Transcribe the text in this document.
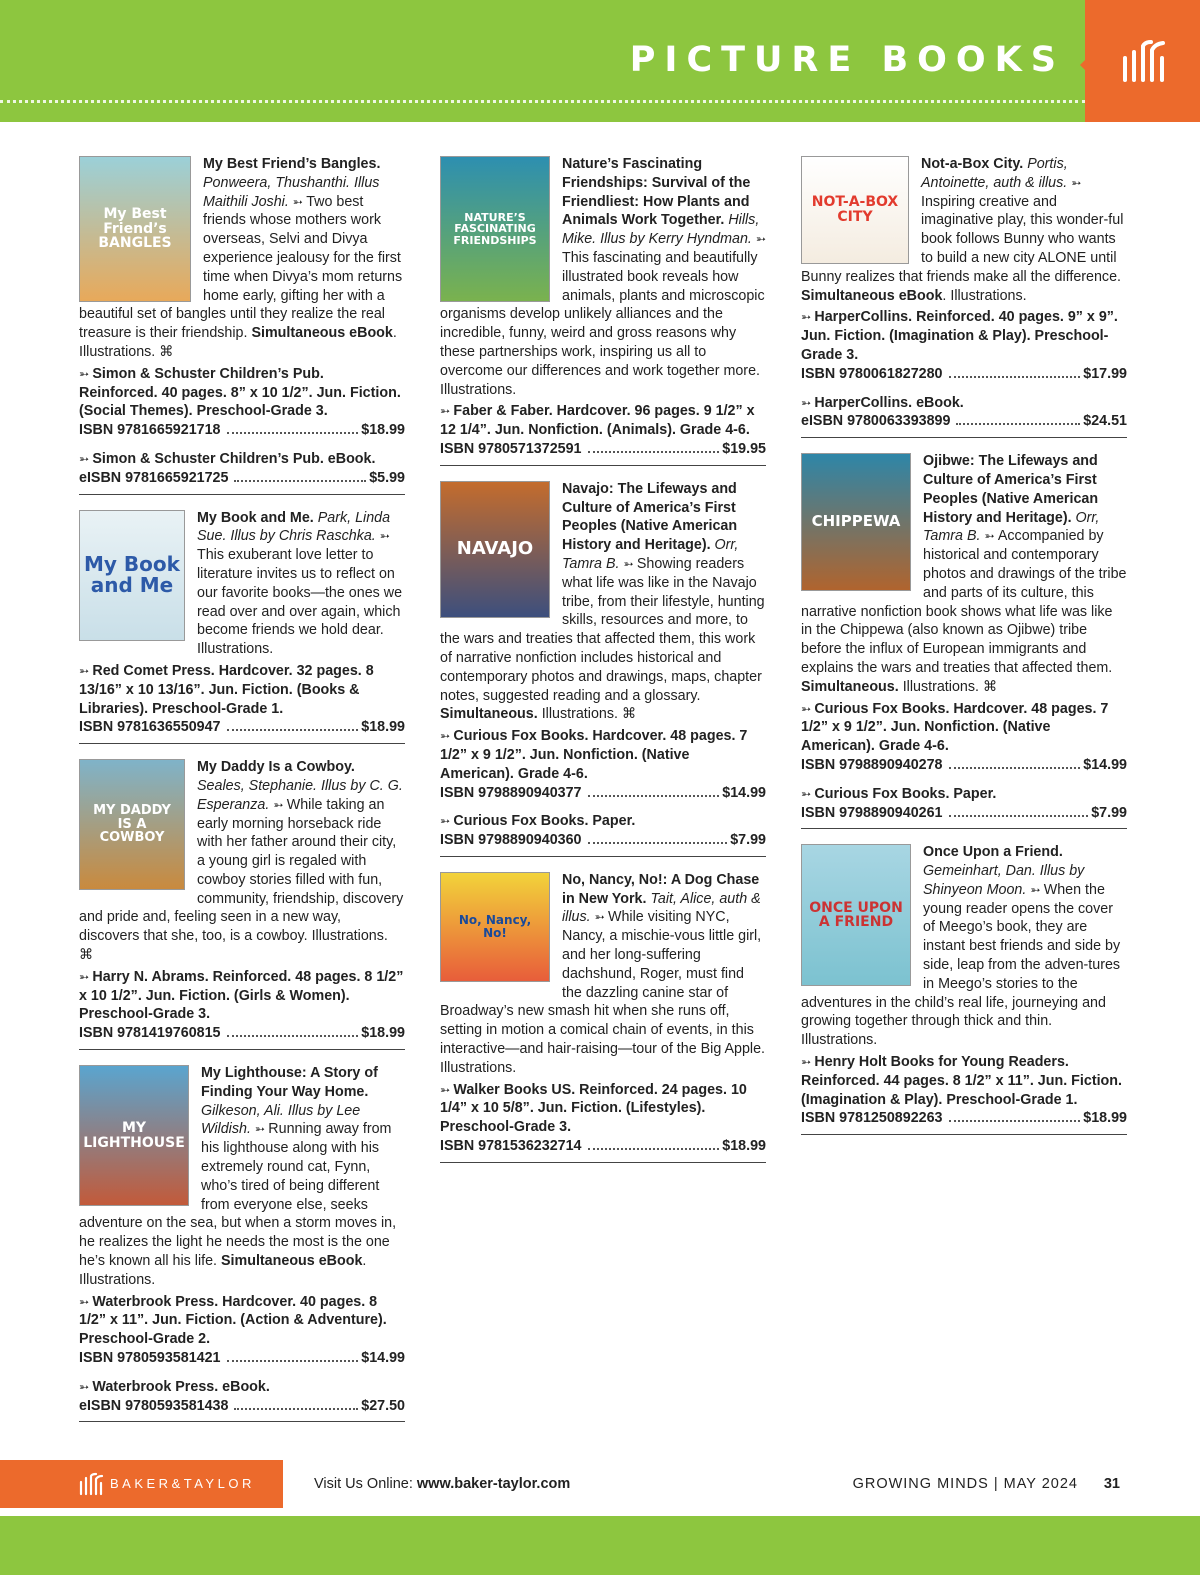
PICTURE BOOKS
My Best Friend’s BANGLES

My Best Friend’s Bangles. Ponweera, Thushanthi. Illus Maithili Joshi. ➳ Two best friends whose mothers work overseas, Selvi and Divya experience jealousy for the first time when Divya’s mom returns home early, gifting her with a beautiful set of bangles until they realize the real treasure is their friendship. Simultaneous eBook. Illustrations. ⌘

➳ Simon & Schuster Children’s Pub. Reinforced. 40 pages. 8” x 10 1/2”. Jun. Fiction. (Social Themes). Preschool-Grade 3.

ISBN 9781665921718	$18.99

➳ Simon & Schuster Children’s Pub. eBook.

eISBN 9781665921725	$5.99
My Book and Me

My Book and Me. Park, Linda Sue. Illus by Chris Raschka. ➳ This exuberant love letter to literature invites us to reflect on our favorite books—the ones we read over and over again, which become friends we hold dear. Illustrations.

➳ Red Comet Press. Hardcover. 32 pages. 8 13/16” x 10 13/16”. Jun. Fiction. (Books & Libraries). Preschool-Grade 1.

ISBN 9781636550947	$18.99
MY DADDY IS A COWBOY

My Daddy Is a Cowboy. Seales, Stephanie. Illus by C. G. Esperanza. ➳ While taking an early morning horseback ride with her father around their city, a young girl is regaled with cowboy stories filled with fun, community, friendship, discovery and pride and, feeling seen in a new way, discovers that she, too, is a cowboy. Illustrations. ⌘

➳ Harry N. Abrams. Reinforced. 48 pages. 8 1/2” x 10 1/2”. Jun. Fiction. (Girls & Women). Preschool-Grade 3.

ISBN 9781419760815	$18.99
MY LIGHTHOUSE

My Lighthouse: A Story of Finding Your Way Home. Gilkeson, Ali. Illus by Lee Wildish. ➳ Running away from his lighthouse along with his extremely round cat, Fynn, who’s tired of being different from everyone else, seeks adventure on the sea, but when a storm moves in, he realizes the light he needs the most is the one he’s known all his life. Simultaneous eBook. Illustrations.

➳ Waterbrook Press. Hardcover. 40 pages. 8 1/2” x 11”. Jun. Fiction. (Action & Adventure). Preschool-Grade 2.

ISBN 9780593581421	$14.99

➳ Waterbrook Press. eBook.

eISBN 9780593581438	$27.50
NATURE’S FASCINATING FRIENDSHIPS

Nature’s Fascinating Friendships: Survival of the Friendliest: How Plants and Animals Work Together. Hills, Mike. Illus by Kerry Hyndman. ➳ This fascinating and beautifully illustrated book reveals how animals, plants and microscopic organisms develop unlikely alliances and the incredible, funny, weird and gross reasons why these partnerships work, inspiring us all to overcome our differences and work together more. Illustrations.

➳ Faber & Faber. Hardcover. 96 pages. 9 1/2” x 12 1/4”. Jun. Nonfiction. (Animals). Grade 4-6.

ISBN 9780571372591	$19.95
NAVAJO

Navajo: The Lifeways and Culture of America’s First Peoples (Native American History and Heritage). Orr, Tamra B. ➳ Showing readers what life was like in the Navajo tribe, from their lifestyle, hunting skills, resources and more, to the wars and treaties that affected them, this work of narrative nonfiction includes historical and contemporary photos and drawings, maps, chapter notes, suggested reading and a glossary. Simultaneous. Illustrations. ⌘

➳ Curious Fox Books. Hardcover. 48 pages. 7 1/2” x 9 1/2”. Jun. Nonfiction. (Native American). Grade 4-6.

ISBN 9798890940377	$14.99

➳ Curious Fox Books. Paper.

ISBN 9798890940360	$7.99
No, Nancy, No!

No, Nancy, No!: A Dog Chase in New York. Tait, Alice, auth & illus. ➳ While visiting NYC, Nancy, a mischie-vous little girl, and her long-suffering dachshund, Roger, must find the dazzling canine star of Broadway’s new smash hit when she runs off, setting in motion a comical chain of events, in this interactive—and hair-raising—tour of the Big Apple. Illustrations.

➳ Walker Books US. Reinforced. 24 pages. 10 1/4” x 10 5/8”. Jun. Fiction. (Lifestyles). Preschool-Grade 3.

ISBN 9781536232714	$18.99
NOT-A-BOX CITY

Not-a-Box City. Portis, Antoinette, auth & illus. ➳ Inspiring creative and imaginative play, this wonder-ful book follows Bunny who wants to build a new city ALONE until Bunny realizes that friends make all the difference. Simultaneous eBook. Illustrations.

➳ HarperCollins. Reinforced. 40 pages. 9” x 9”. Jun. Fiction. (Imagination & Play). Preschool-Grade 3.

ISBN 9780061827280	$17.99

➳ HarperCollins. eBook.

eISBN 9780063393899	$24.51
CHIPPEWA

Ojibwe: The Lifeways and Culture of America’s First Peoples (Native American History and Heritage). Orr, Tamra B. ➳ Accompanied by historical and contemporary photos and drawings of the tribe and parts of its culture, this narrative nonfiction book shows what life was like in the Chippewa (also known as Ojibwe) tribe before the influx of European immigrants and explains the wars and treaties that affected them. Simultaneous. Illustrations. ⌘

➳ Curious Fox Books. Hardcover. 48 pages. 7 1/2” x 9 1/2”. Jun. Nonfiction. (Native American). Grade 4-6.

ISBN 9798890940278	$14.99

➳ Curious Fox Books. Paper.

ISBN 9798890940261	$7.99
ONCE UPON A FRIEND

Once Upon a Friend. Gemeinhart, Dan. Illus by Shinyeon Moon. ➳ When the young reader opens the cover of Meego’s book, they are instant best friends and side by side, leap from the adven-tures in Meego’s stories to the adventures in the child’s real life, journeying and growing together through thick and thin. Illustrations.

➳ Henry Holt Books for Young Readers. Reinforced. 44 pages. 8 1/2” x 11”. Jun. Fiction. (Imagination & Play). Preschool-Grade 1.

ISBN 9781250892263	$18.99
BAKER&TAYLOR	Visit Us Online: www.baker-taylor.com	GROWING MINDS | MAY 2024 31
